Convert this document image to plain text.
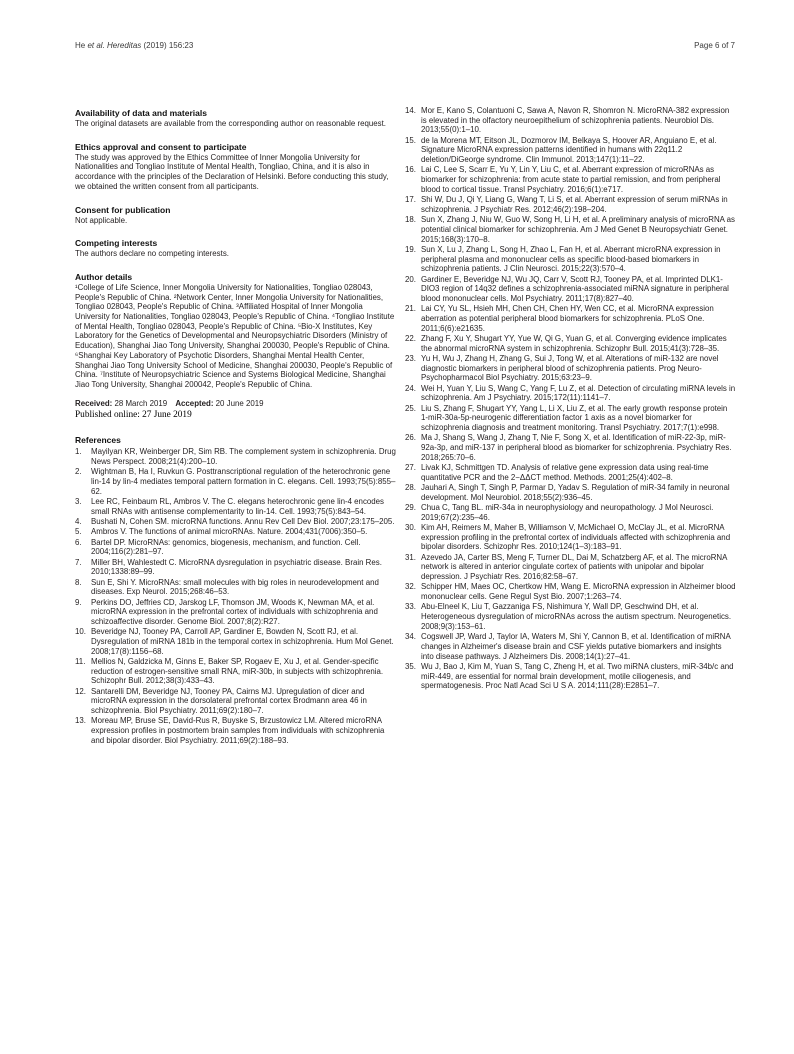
He et al. Hereditas (2019) 156:23	Page 6 of 7
Availability of data and materials

The original datasets are available from the corresponding author on reasonable request.

Ethics approval and consent to participate

The study was approved by the Ethics Committee of Inner Mongolia University for Nationalities and Tongliao Institute of Mental Health, Tongliao, China, and it is also in accordance with the principles of the Declaration of Helsinki. Before conducting this study, we obtained the written consent from all participants.

Consent for publication

Not applicable.

Competing interests

The authors declare no competing interests.

Author details

¹College of Life Science, Inner Mongolia University for Nationalities, Tongliao 028043, People's Republic of China. ²Network Center, Inner Mongolia University for Nationalities, Tongliao 028043, People's Republic of China. ³Affiliated Hospital of Inner Mongolia University for Nationalities, Tongliao 028043, People's Republic of China. ⁴Tongliao Institute of Mental Health, Tongliao 028043, People's Republic of China. ⁵Bio-X Institutes, Key Laboratory for the Genetics of Developmental and Neuropsychiatric Disorders (Ministry of Education), Shanghai Jiao Tong University, Shanghai 200030, People's Republic of China. ⁶Shanghai Key Laboratory of Psychotic Disorders, Shanghai Mental Health Center, Shanghai Jiao Tong University School of Medicine, Shanghai 200030, People's Republic of China. ⁷Institute of Neuropsychiatric Science and Systems Biological Medicine, Shanghai Jiao Tong University, Shanghai 200042, People's Republic of China.

Received: 28 March 2019 Accepted: 20 June 2019

Published online: 27 June 2019

References
1.	Mayilyan KR, Weinberger DR, Sim RB. The complement system in schizophrenia. Drug News Perspect. 2008;21(4):200–10.
2.	Wightman B, Ha I, Ruvkun G. Posttranscriptional regulation of the heterochronic gene lin-14 by lin-4 mediates temporal pattern formation in C. elegans. Cell. 1993;75(5):855–62.
3.	Lee RC, Feinbaum RL, Ambros V. The C. elegans heterochronic gene lin-4 encodes small RNAs with antisense complementarity to lin-14. Cell. 1993;75(5):843–54.
4.	Bushati N, Cohen SM. microRNA functions. Annu Rev Cell Dev Biol. 2007;23:175–205.
5.	Ambros V. The functions of animal microRNAs. Nature. 2004;431(7006):350–5.
6.	Bartel DP. MicroRNAs: genomics, biogenesis, mechanism, and function. Cell. 2004;116(2):281–97.
7.	Miller BH, Wahlestedt C. MicroRNA dysregulation in psychiatric disease. Brain Res. 2010;1338:89–99.
8.	Sun E, Shi Y. MicroRNAs: small molecules with big roles in neurodevelopment and diseases. Exp Neurol. 2015;268:46–53.
9.	Perkins DO, Jeffries CD, Jarskog LF, Thomson JM, Woods K, Newman MA, et al. microRNA expression in the prefrontal cortex of individuals with schizophrenia and schizoaffective disorder. Genome Biol. 2007;8(2):R27.
10. Beveridge NJ, Tooney PA, Carroll AP, Gardiner E, Bowden N, Scott RJ, et al. Dysregulation of miRNA 181b in the temporal cortex in schizophrenia. Hum Mol Genet. 2008;17(8):1156–68.
11. Mellios N, Galdzicka M, Ginns E, Baker SP, Rogaev E, Xu J, et al. Gender-specific reduction of estrogen-sensitive small RNA, miR-30b, in subjects with schizophrenia. Schizophr Bull. 2012;38(3):433–43.
12. Santarelli DM, Beveridge NJ, Tooney PA, Cairns MJ. Upregulation of dicer and microRNA expression in the dorsolateral prefrontal cortex Brodmann area 46 in schizophrenia. Biol Psychiatry. 2011;69(2):180–7.
13. Moreau MP, Bruse SE, David-Rus R, Buyske S, Brzustowicz LM. Altered microRNA expression profiles in postmortem brain samples from individuals with schizophrenia and bipolar disorder. Biol Psychiatry. 2011;69(2):188–93.
14. Mor E, Kano S, Colantuoni C, Sawa A, Navon R, Shomron N. MicroRNA-382 expression is elevated in the olfactory neuroepithelium of schizophrenia patients. Neurobiol Dis. 2013;55(0):1–10.
15. de la Morena MT, Eitson JL, Dozmorov IM, Belkaya S, Hoover AR, Anguiano E, et al. Signature MicroRNA expression patterns identified in humans with 22q11.2 deletion/DiGeorge syndrome. Clin Immunol. 2013;147(1):11–22.
16. Lai C, Lee S, Scarr E, Yu Y, Lin Y, Liu C, et al. Aberrant expression of microRNAs as biomarker for schizophrenia: from acute state to partial remission, and from peripheral blood to cortical tissue. Transl Psychiatry. 2016;6(1):e717.
17. Shi W, Du J, Qi Y, Liang G, Wang T, Li S, et al. Aberrant expression of serum miRNAs in schizophrenia. J Psychiatr Res. 2012;46(2):198–204.
18. Sun X, Zhang J, Niu W, Guo W, Song H, Li H, et al. A preliminary analysis of microRNA as potential clinical biomarker for schizophrenia. Am J Med Genet B Neuropsychiatr Genet. 2015;168(3):170–8.
19. Sun X, Lu J, Zhang L, Song H, Zhao L, Fan H, et al. Aberrant microRNA expression in peripheral plasma and mononuclear cells as specific blood-based biomarkers in schizophrenia patients. J Clin Neurosci. 2015;22(3):570–4.
20. Gardiner E, Beveridge NJ, Wu JQ, Carr V, Scott RJ, Tooney PA, et al. Imprinted DLK1-DIO3 region of 14q32 defines a schizophrenia-associated miRNA signature in peripheral blood mononuclear cells. Mol Psychiatry. 2011;17(8):827–40.
21. Lai CY, Yu SL, Hsieh MH, Chen CH, Chen HY, Wen CC, et al. MicroRNA expression aberration as potential peripheral blood biomarkers for schizophrenia. PLoS One. 2011;6(6):e21635.
22. Zhang F, Xu Y, Shugart YY, Yue W, Qi G, Yuan G, et al. Converging evidence implicates the abnormal microRNA system in schizophrenia. Schizophr Bull. 2015;41(3):728–35.
23. Yu H, Wu J, Zhang H, Zhang G, Sui J, Tong W, et al. Alterations of miR-132 are novel diagnostic biomarkers in peripheral blood of schizophrenia patients. Prog Neuro-Psychopharmacol Biol Psychiatry. 2015;63:23–9.
24. Wei H, Yuan Y, Liu S, Wang C, Yang F, Lu Z, et al. Detection of circulating miRNA levels in schizophrenia. Am J Psychiatry. 2015;172(11):1141–7.
25. Liu S, Zhang F, Shugart YY, Yang L, Li X, Liu Z, et al. The early growth response protein 1-miR-30a-5p-neurogenic differentiation factor 1 axis as a novel biomarker for schizophrenia diagnosis and treatment monitoring. Transl Psychiatry. 2017;7(1):e998.
26. Ma J, Shang S, Wang J, Zhang T, Nie F, Song X, et al. Identification of miR-22-3p, miR-92a-3p, and miR-137 in peripheral blood as biomarker for schizophrenia. Psychiatry Res. 2018;265:70–6.
27. Livak KJ, Schmittgen TD. Analysis of relative gene expression data using real-time quantitative PCR and the 2−ΔΔCT method. Methods. 2001;25(4):402–8.
28. Jauhari A, Singh T, Singh P, Parmar D, Yadav S. Regulation of miR-34 family in neuronal development. Mol Neurobiol. 2018;55(2):936–45.
29. Chua C, Tang BL. miR-34a in neurophysiology and neuropathology. J Mol Neurosci. 2019;67(2):235–46.
30. Kim AH, Reimers M, Maher B, Williamson V, McMichael O, McClay JL, et al. MicroRNA expression profiling in the prefrontal cortex of individuals affected with schizophrenia and bipolar disorders. Schizophr Res. 2010;124(1–3):183–91.
31. Azevedo JA, Carter BS, Meng F, Turner DL, Dai M, Schatzberg AF, et al. The microRNA network is altered in anterior cingulate cortex of patients with unipolar and bipolar depression. J Psychiatr Res. 2016;82:58–67.
32. Schipper HM, Maes OC, Chertkow HM, Wang E. MicroRNA expression in Alzheimer blood mononuclear cells. Gene Regul Syst Bio. 2007;1:263–74.
33. Abu-Elneel K, Liu T, Gazzaniga FS, Nishimura Y, Wall DP, Geschwind DH, et al. Heterogeneous dysregulation of microRNAs across the autism spectrum. Neurogenetics. 2008;9(3):153–61.
34. Cogswell JP, Ward J, Taylor IA, Waters M, Shi Y, Cannon B, et al. Identification of miRNA changes in Alzheimer's disease brain and CSF yields putative biomarkers and insights into disease pathways. J Alzheimers Dis. 2008;14(1):27–41.
35. Wu J, Bao J, Kim M, Yuan S, Tang C, Zheng H, et al. Two miRNA clusters, miR-34b/c and miR-449, are essential for normal brain development, motile ciliogenesis, and spermatogenesis. Proc Natl Acad Sci U S A. 2014;111(28):E2851–7.
